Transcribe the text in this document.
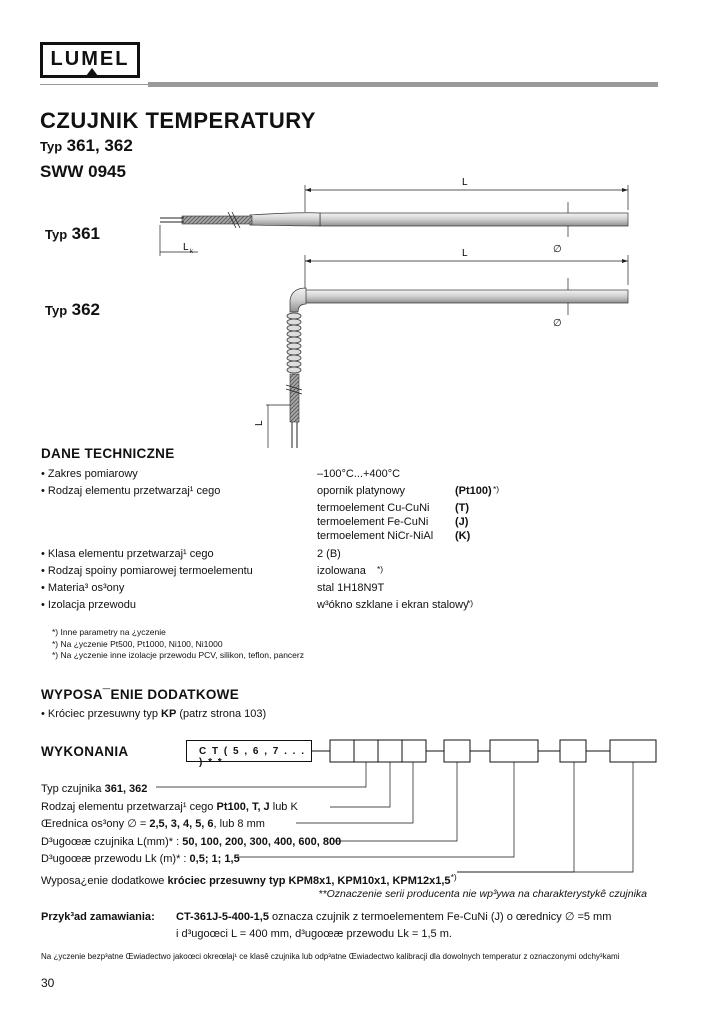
LUMEL
CZUJNIK TEMPERATURY
Typ 361, 362
SWW 0945
Typ 361
Typ 362
L
L k	∅
L
L
∅
DANE TECHNICZNE
• Zakres pomiarowy	–100°C...+400°C
• Rodzaj elementu przetwarzaj¹ cego	opornik platynowy	(Pt100) *)
termoelement Cu-CuNi (T)
termoelement Fe-CuNi (J)
termoelement NiCr-NiAl (K)
• Klasa elementu przetwarzaj¹ cego	2 (B)
• Rodzaj spoiny pomiarowej termoelementu	izolowana *)
• Materia³ os³ony	stal 1H18N9T
• Izolacja przewodu	w³ókno szklane i ekran stalowy
*)
*) Inne parametry na ¿yczenie
*) Na ¿yczenie Pt500, Pt1000, Ni100, Ni1000
*) Na ¿yczenie inne izolacje przewodu PCV, silikon, teflon, pancerz
WYPOSA¯ENIE DODATKOWE
• Króciec przesuwny typ KP (patrz strona 103)
WYKONANIA	C T ( 5 , 6 , 7 . . . ) * *
Typ czujnika 361, 362
Rodzaj elementu przetwarzaj¹ cego Pt100, T, J lub K
Œrednica os³ony ∅ = 2,5, 3, 4, 5, 6, lub 8 mm
D³ugoœæ czujnika L(mm)* : 50, 100, 200, 300, 400, 600, 800
D³ugoœæ przewodu Lk (m)* : 0,5; 1; 1,5
Wyposa¿enie dodatkowe króciec przesuwny typ KPM8x1, KPM10x1, KPM12x1,5*)
**Oznaczenie serii producenta nie wp³ywa na charakterystykê czujnika
Przyk³ad zamawiania: CT-361J-5-400-1,5 oznacza czujnik z termoelementem Fe-CuNi (J) o œrednicy ∅ =5 mm
i d³ugoœci L = 400 mm, d³ugoœæ przewodu Lk = 1,5 m.
Na ¿yczenie bezp³atne Œwiadectwo jakoœci okreœlaj¹ ce klasê czujnika lub odp³atne Œwiadectwo kalibracji dla dowolnych temperatur z oznaczonymi odchy³kami
30
